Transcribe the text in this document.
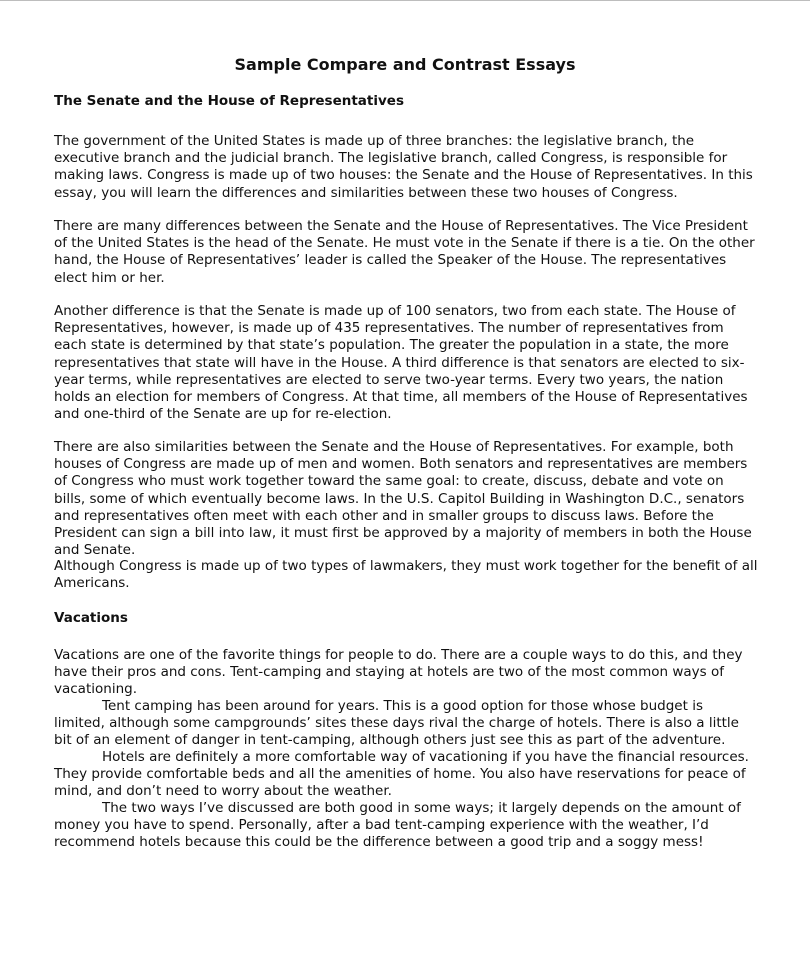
Sample Compare and Contrast Essays
The Senate and the House of Representatives

The government of the United States is made up of three branches: the legislative branch, the executive branch and the judicial branch. The legislative branch, called Congress, is responsible for making laws. Congress is made up of two houses: the Senate and the House of Representatives. In this essay, you will learn the differences and similarities between these two houses of Congress.

There are many differences between the Senate and the House of Representatives. The Vice President of the United States is the head of the Senate. He must vote in the Senate if there is a tie. On the other hand, the House of Representatives’ leader is called the Speaker of the House. The representatives elect him or her.

Another difference is that the Senate is made up of 100 senators, two from each state. The House of Representatives, however, is made up of 435 representatives. The number of representatives from each state is determined by that state’s population. The greater the population in a state, the more representatives that state will have in the House. A third difference is that senators are elected to six-year terms, while representatives are elected to serve two-year terms. Every two years, the nation holds an election for members of Congress. At that time, all members of the House of Representatives and one-third of the Senate are up for re-election.

There are also similarities between the Senate and the House of Representatives. For example, both houses of Congress are made up of men and women. Both senators and representatives are members of Congress who must work together toward the same goal: to create, discuss, debate and vote on bills, some of which eventually become laws. In the U.S. Capitol Building in Washington D.C., senators and representatives often meet with each other and in smaller groups to discuss laws. Before the President can sign a bill into law, it must first be approved by a majority of members in both the House and Senate.

Although Congress is made up of two types of lawmakers, they must work together for the benefit of all Americans.

Vacations

Vacations are one of the favorite things for people to do. There are a couple ways to do this, and they have their pros and cons. Tent-camping and staying at hotels are two of the most common ways of vacationing.

Tent camping has been around for years. This is a good option for those whose budget is limited, although some campgrounds’ sites these days rival the charge of hotels. There is also a little bit of an element of danger in tent-camping, although others just see this as part of the adventure.

Hotels are definitely a more comfortable way of vacationing if you have the financial resources. They provide comfortable beds and all the amenities of home. You also have reservations for peace of mind, and don’t need to worry about the weather.

The two ways I’ve discussed are both good in some ways; it largely depends on the amount of money you have to spend. Personally, after a bad tent-camping experience with the weather, I’d recommend hotels because this could be the difference between a good trip and a soggy mess!
